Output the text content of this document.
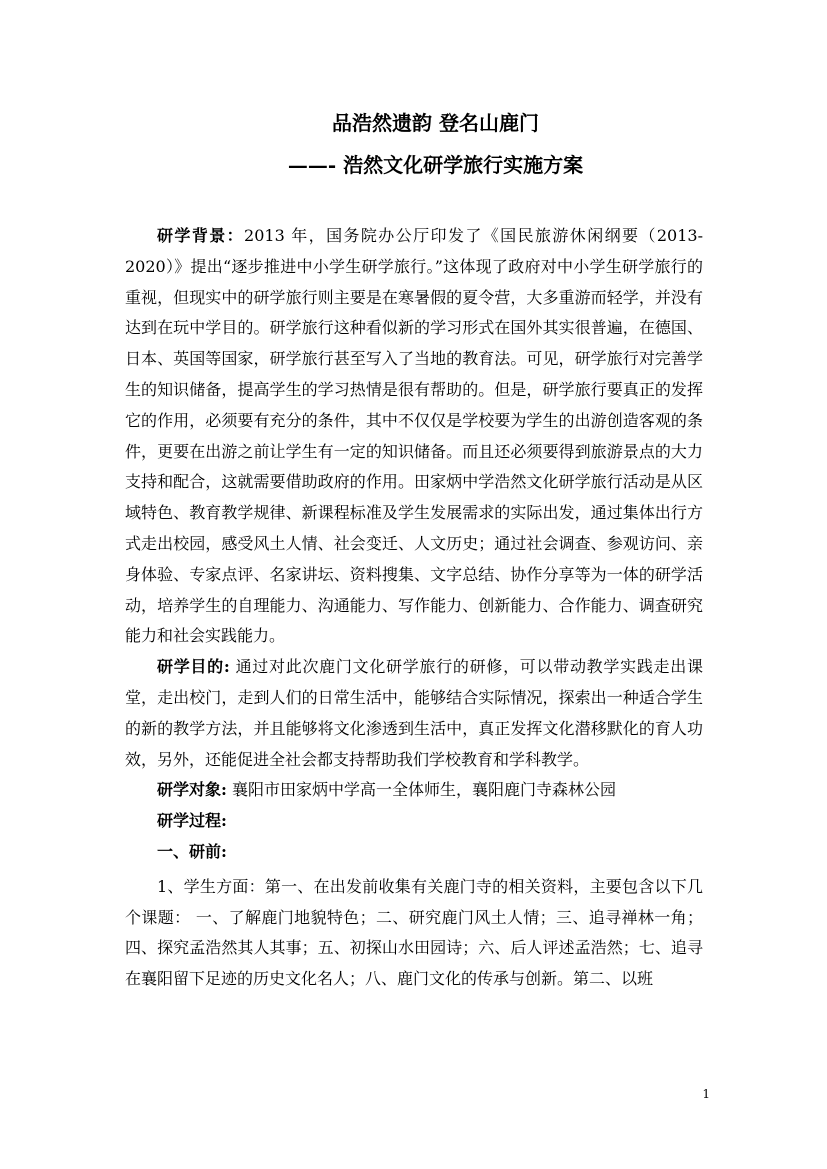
品浩然遗韵 登名山鹿门
——- 浩然文化研学旅行实施方案

研学背景：2013 年，国务院办公厅印发了《国民旅游休闲纲要（2013-2020）》提出“逐步推进中小学生研学旅行。”这体现了政府对中小学生研学旅行的重视，但现实中的研学旅行则主要是在寒暑假的夏令营，大多重游而轻学，并没有达到在玩中学目的。研学旅行这种看似新的学习形式在国外其实很普遍，在德国、日本、英国等国家，研学旅行甚至写入了当地的教育法。可见，研学旅行对完善学生的知识储备，提高学生的学习热情是很有帮助的。但是，研学旅行要真正的发挥它的作用，必须要有充分的条件，其中不仅仅是学校要为学生的出游创造客观的条件，更要在出游之前让学生有一定的知识储备。而且还必须要得到旅游景点的大力支持和配合，这就需要借助政府的作用。田家炳中学浩然文化研学旅行活动是从区域特色、教育教学规律、新课程标准及学生发展需求的实际出发，通过集体出行方式走出校园，感受风土人情、社会变迁、人文历史；通过社会调查、参观访问、亲身体验、专家点评、名家讲坛、资料搜集、文字总结、协作分享等为一体的研学活动，培养学生的自理能力、沟通能力、写作能力、创新能力、合作能力、调查研究能力和社会实践能力。

研学目的: 通过对此次鹿门文化研学旅行的研修，可以带动教学实践走出课堂，走出校门，走到人们的日常生活中，能够结合实际情况，探索出一种适合学生的新的教学方法，并且能够将文化渗透到生活中，真正发挥文化潜移默化的育人功效，另外，还能促进全社会都支持帮助我们学校教育和学科教学。

研学对象: 襄阳市田家炳中学高一全体师生，襄阳鹿门寺森林公园

研学过程:

一、研前:

1、学生方面：第一、在出发前收集有关鹿门寺的相关资料，主要包含以下几个课题： 一、了解鹿门地貌特色；二、研究鹿门风土人情；三、追寻禅林一角；四、探究孟浩然其人其事；五、初探山水田园诗；六、后人评述孟浩然；七、追寻在襄阳留下足迹的历史文化名人；八、鹿门文化的传承与创新。第二、以班

1
